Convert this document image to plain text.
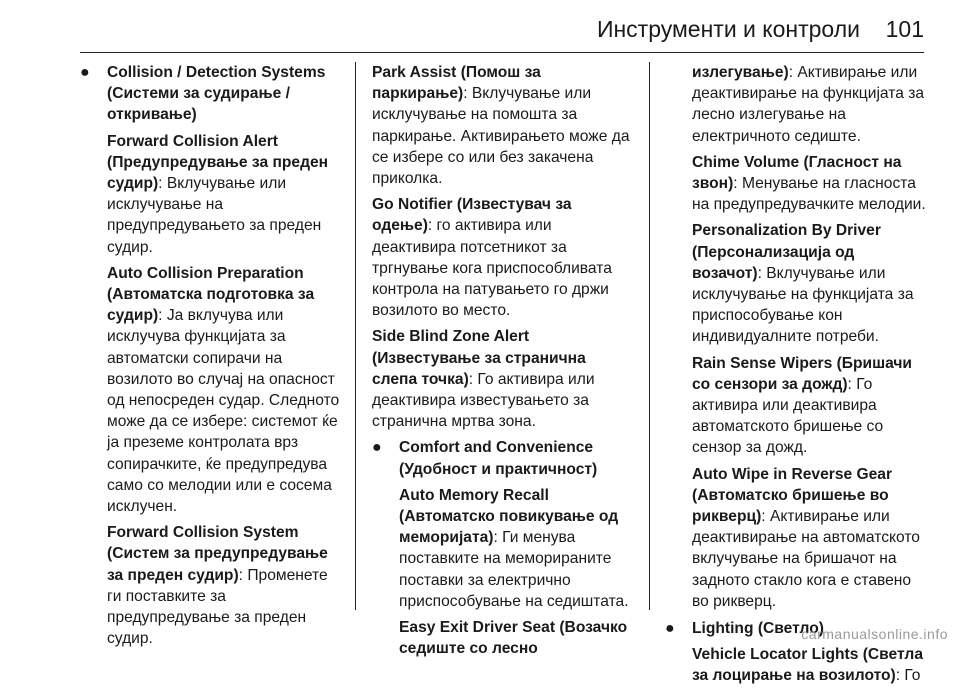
Инструменти и контроли 101
● Collision / Detection Systems (Системи за судирање / откривање)
Forward Collision Alert (Предупредување за преден судир): Вклучување или исклучување на предупредувањето за преден судир.
Auto Collision Preparation (Автоматска подготовка за судир): Ја вклучува или исклучува функцијата за автоматски сопирачи на возилото во случај на опасност од непосреден судар. Следното може да се избере: системот ќе ја преземе контролата врз сопирачките, ќе предупредува само со мелодии или е сосема исклучен.
Forward Collision System (Систем за предупредување за преден судир): Променете ги поставките за предупредување за преден судир.
Park Assist (Помош за паркирање): Вклучување или исклучување на помошта за паркирање. Активирањето може да се избере со или без закачена приколка.
Go Notifier (Известувач за одење): го активира или деактивира потсетникот за тргнување кога приспособливата контрола на патувањето го држи возилото во место.
Side Blind Zone Alert (Известување за странична слепа точка): Го активира или деактивира известувањето за странична мртва зона.
● Comfort and Convenience (Удобност и практичност)
Auto Memory Recall (Автоматско повикување од меморијата): Ги менува поставките на меморираните поставки за електрично приспособување на седиштата.
Easy Exit Driver Seat (Возачко седиште со лесно
излегување): Активирање или деактивирање на функцијата за лесно излегување на електричното седиште.
Chime Volume (Гласност на звон): Менување на гласноста на предупредувачките мелодии.
Personalization By Driver (Персонализација од возачот): Вклучување или исклучување на функцијата за приспособување кон индивидуалните потреби.
Rain Sense Wipers (Бришачи со сензори за дожд): Го активира или деактивира автоматското бришење со сензор за дожд.
Auto Wipe in Reverse Gear (Автоматско бришење во рикверц): Активирање или деактивирање на автоматското вклучување на бришачот на задното стакло кога е ставено во рикверц.
● Lighting (Светло)
Vehicle Locator Lights (Светла за лоцирање на возилото): Го
carmanualsonline.info
